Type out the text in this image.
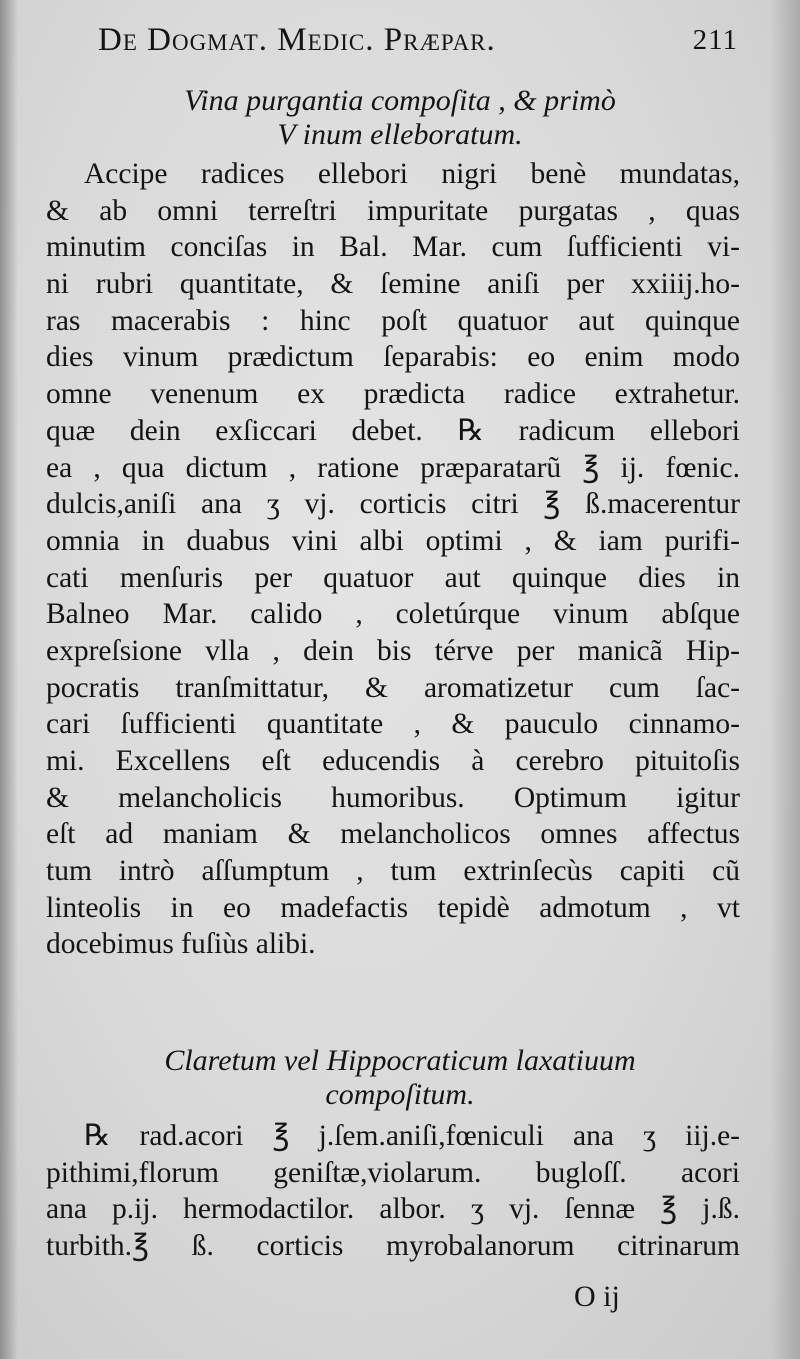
De Dogmat. Medic. Præpar.	211
Vina purgantia compoſita , & primò
V inum elleboratum.
Accipe radices ellebori nigri benè mundatas,
& ab omni terreſtri impuritate purgatas , quas
minutim conciſas in Bal. Mar. cum ſufficienti vi-
ni rubri quantitate, & ſemine aniſi per xxiiij.ho-
ras macerabis : hinc poſt quatuor aut quinque
dies vinum prædictum ſeparabis: eo enim modo
omne venenum ex prædicta radice extrahetur.
quæ dein exſiccari debet. ℞ radicum ellebori
ea , qua dictum , ratione præparatarũ ℥ ij. fœnic.
dulcis,aniſi ana ʒ vj. corticis citri ℥ ß.macerentur
omnia in duabus vini albi optimi , & iam purifi-
cati menſuris per quatuor aut quinque dies in
Balneo Mar. calido , coletúrque vinum abſque
expreſsione vlla , dein bis térve per manicã Hip-
pocratis tranſmittatur, & aromatizetur cum ſac-
cari ſufficienti quantitate , & pauculo cinnamo-
mi. Excellens eſt educendis à cerebro pituitoſis
& melancholicis humoribus. Optimum igitur
eſt ad maniam & melancholicos omnes affectus
tum intrò aſſumptum , tum extrinſecùs capiti cũ
linteolis in eo madefactis tepidè admotum , vt
docebimus fuſiùs alibi.
Claretum vel Hippocraticum laxatiuum
compoſitum.
℞ rad.acori ℥ j.ſem.aniſi,fœniculi ana ʒ iij.e-
pithimi,florum geniſtæ,violarum. bugloſſ. acori
ana p.ij. hermodactilor. albor. ʒ vj. ſennæ ℥ j.ß.
turbith.℥ ß. corticis myrobalanorum citrinarum
O ij
